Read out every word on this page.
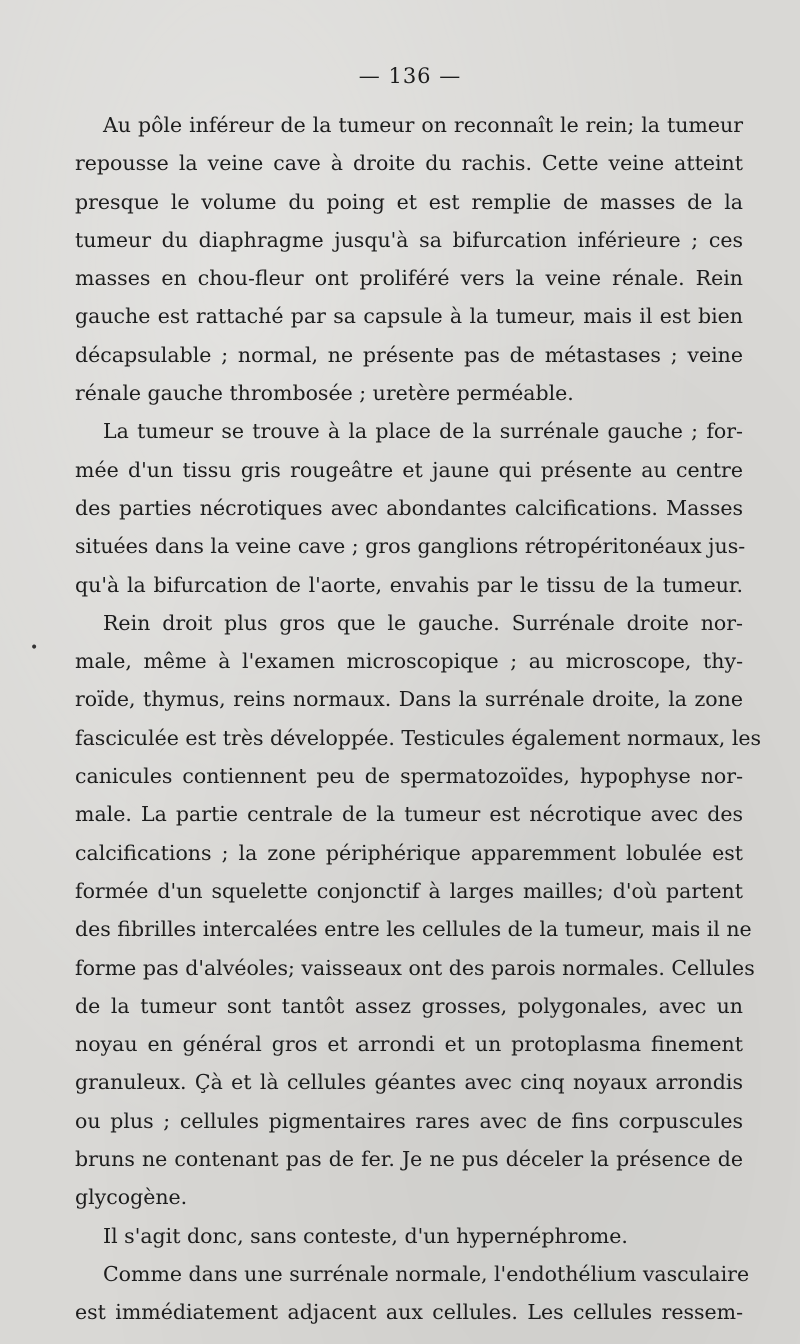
— 136 —
•
Au pôle inféreur de la tumeur on reconnaît le rein; la tumeur
repousse la veine cave à droite du rachis. Cette veine atteint
presque le volume du poing et est remplie de masses de la
tumeur du diaphragme jusqu'à sa bifurcation inférieure ; ces
masses en chou-fleur ont proliféré vers la veine rénale. Rein
gauche est rattaché par sa capsule à la tumeur, mais il est bien
décapsulable ; normal, ne présente pas de métastases ; veine
rénale gauche thrombosée ; uretère perméable.
La tumeur se trouve à la place de la surrénale gauche ; for-
mée d'un tissu gris rougeâtre et jaune qui présente au centre
des parties nécrotiques avec abondantes calcifications. Masses
situées dans la veine cave ; gros ganglions rétropéritonéaux jus-
qu'à la bifurcation de l'aorte, envahis par le tissu de la tumeur.
Rein droit plus gros que le gauche. Surrénale droite nor-
male, même à l'examen microscopique ; au microscope, thy-
roïde, thymus, reins normaux. Dans la surrénale droite, la zone
fasciculée est très développée. Testicules également normaux, les
canicules contiennent peu de spermatozoïdes, hypophyse nor-
male. La partie centrale de la tumeur est nécrotique avec des
calcifications ; la zone périphérique apparemment lobulée est
formée d'un squelette conjonctif à larges mailles; d'où partent
des fibrilles intercalées entre les cellules de la tumeur, mais il ne
forme pas d'alvéoles; vaisseaux ont des parois normales. Cellules
de la tumeur sont tantôt assez grosses, polygonales, avec un
noyau en général gros et arrondi et un protoplasma finement
granuleux. Çà et là cellules géantes avec cinq noyaux arrondis
ou plus ; cellules pigmentaires rares avec de fins corpuscules
bruns ne contenant pas de fer. Je ne pus déceler la présence de
glycogène.
Il s'agit donc, sans conteste, d'un hypernéphrome.
Comme dans une surrénale normale, l'endothélium vasculaire
est immédiatement adjacent aux cellules. Les cellules ressem-
